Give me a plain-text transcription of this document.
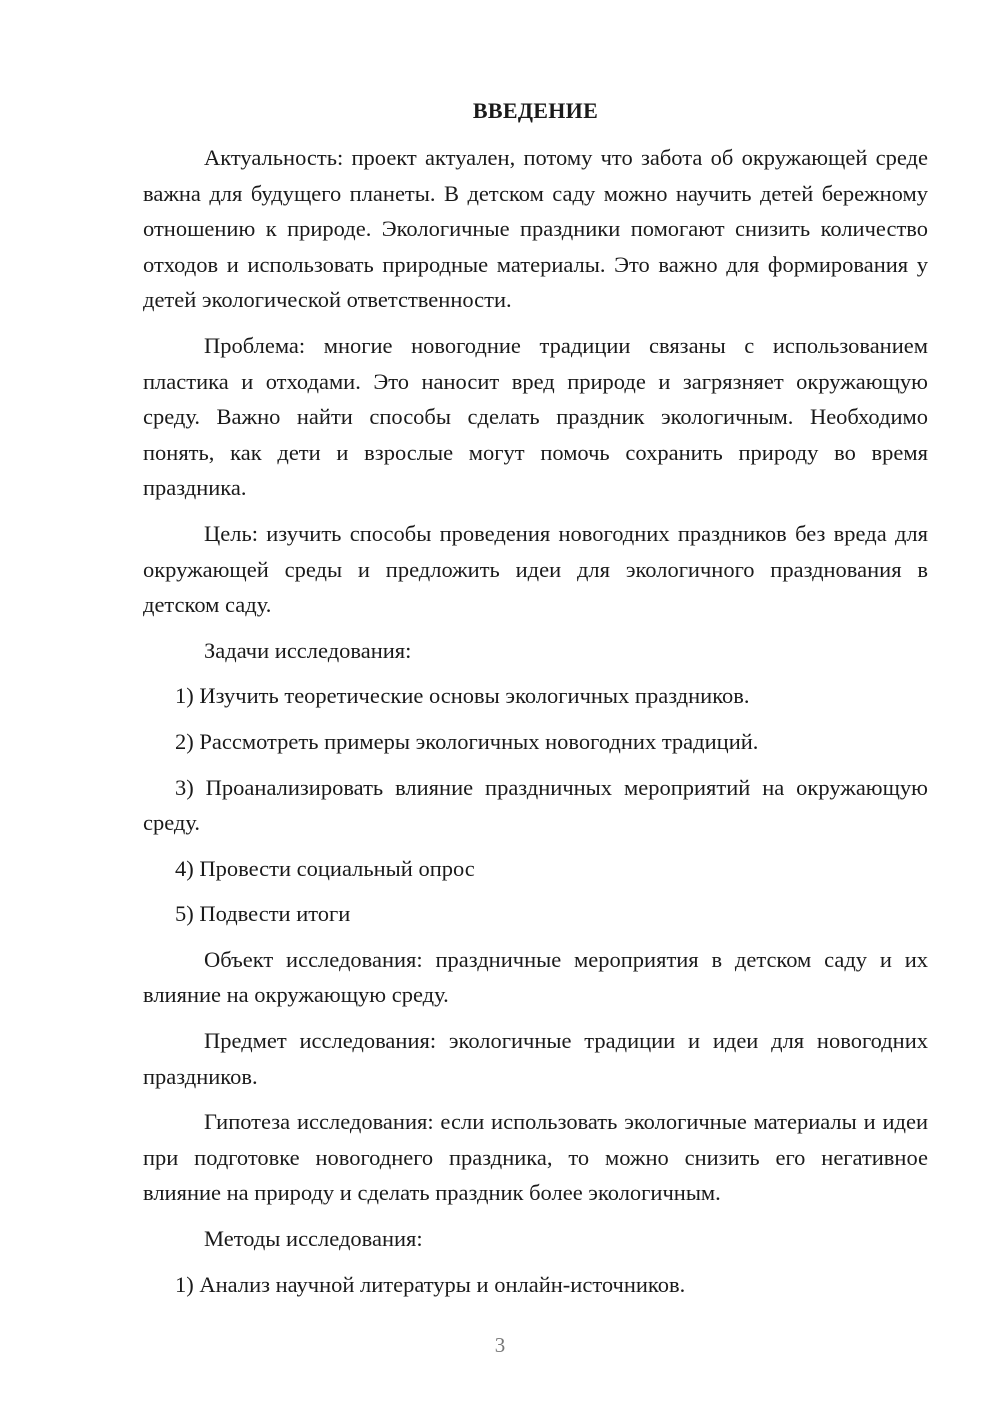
ВВЕДЕНИЕ

Актуальность: проект актуален, потому что забота об окружающей среде важна для будущего планеты. В детском саду можно научить детей бережному отношению к природе. Экологичные праздники помогают снизить количество отходов и использовать природные материалы. Это важно для формирования у детей экологической ответственности.

Проблема: многие новогодние традиции связаны с использованием пластика и отходами. Это наносит вред природе и загрязняет окружающую среду. Важно найти способы сделать праздник экологичным. Необходимо понять, как дети и взрослые могут помочь сохранить природу во время праздника.

Цель: изучить способы проведения новогодних праздников без вреда для окружающей среды и предложить идеи для экологичного празднования в детском саду.

Задачи исследования:

1) Изучить теоретические основы экологичных праздников.

2) Рассмотреть примеры экологичных новогодних традиций.

3) Проанализировать влияние праздничных мероприятий на окружающую среду.

4) Провести социальный опрос

5) Подвести итоги

Объект исследования: праздничные мероприятия в детском саду и их влияние на окружающую среду.

Предмет исследования: экологичные традиции и идеи для новогодних праздников.

Гипотеза исследования: если использовать экологичные материалы и идеи при подготовке новогоднего праздника, то можно снизить его негативное влияние на природу и сделать праздник более экологичным.

Методы исследования:

1) Анализ научной литературы и онлайн-источников.

3
